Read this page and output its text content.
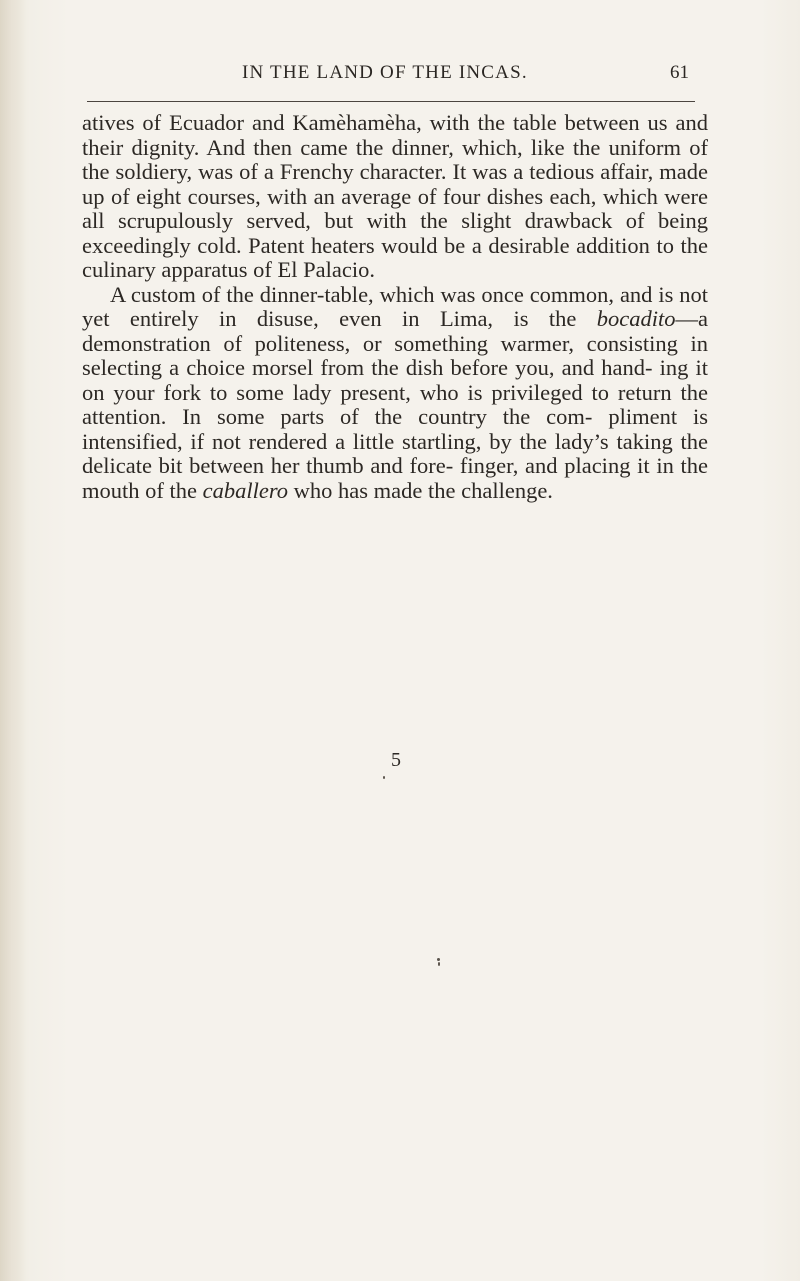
IN THE LAND OF THE INCAS.	61

atives of Ecuador and Kamèhamèha, with the table between us and their dignity. And then came the dinner, which, like the uniform of the soldiery, was of a Frenchy character. It was a tedious affair, made up of eight courses, with an average of four dishes each, which were all scrupulously served, but with the slight drawback of being exceedingly cold. Patent heaters would be a desirable addition to the culinary apparatus of El Palacio.

A custom of the dinner-table, which was once common, and is not yet entirely in disuse, even in Lima, is the bocadito—a demonstration of politeness, or something warmer, consisting in selecting a choice morsel from the dish before you, and hand- ing it on your fork to some lady present, who is privileged to return the attention. In some parts of the country the com- pliment is intensified, if not rendered a little startling, by the lady’s taking the delicate bit between her thumb and fore- finger, and placing it in the mouth of the caballero who has made the challenge.

5
